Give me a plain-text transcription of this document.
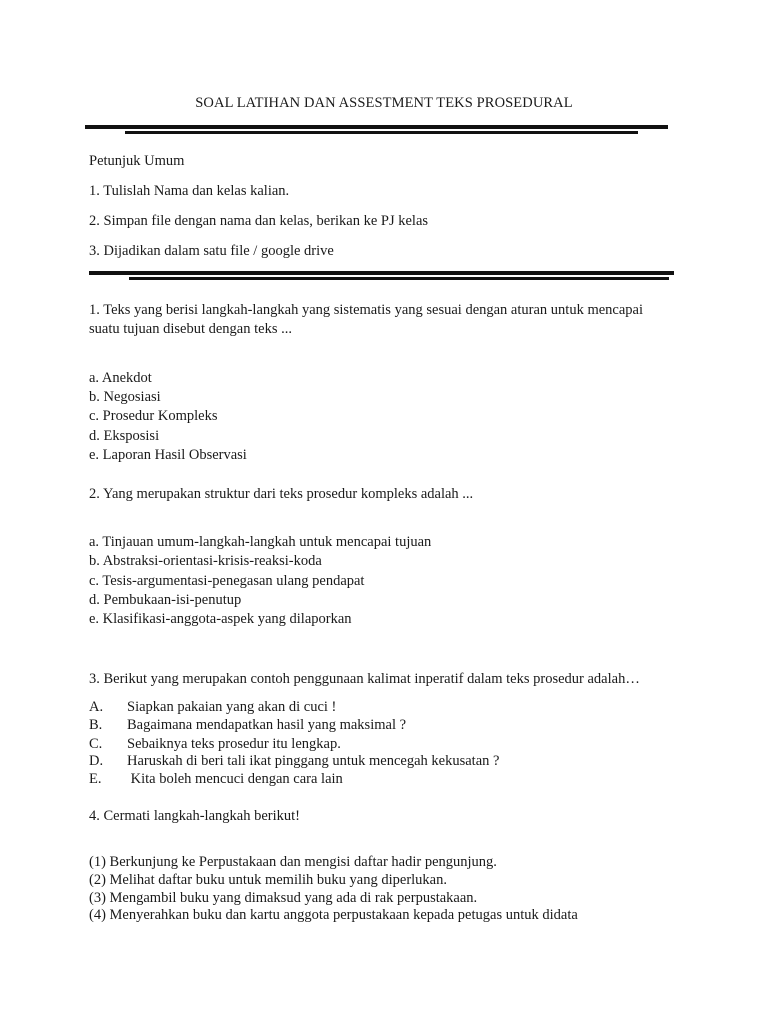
SOAL LATIHAN DAN ASSESTMENT TEKS PROSEDURAL
Petunjuk Umum
1. Tulislah Nama dan kelas kalian.
2. Simpan file dengan nama dan kelas, berikan ke PJ kelas
3. Dijadikan dalam satu file / google drive
1. Teks yang berisi langkah-langkah yang sistematis yang sesuai dengan aturan untuk mencapai
suatu tujuan disebut dengan teks ...
a. Anekdot
b. Negosiasi
c. Prosedur Kompleks
d. Eksposisi
e. Laporan Hasil Observasi
2. Yang merupakan struktur dari teks prosedur kompleks adalah ...
a. Tinjauan umum-langkah-langkah untuk mencapai tujuan
b. Abstraksi-orientasi-krisis-reaksi-koda
c. Tesis-argumentasi-penegasan ulang pendapat
d. Pembukaan-isi-penutup
e. Klasifikasi-anggota-aspek yang dilaporkan
3. Berikut yang merupakan contoh penggunaan kalimat inperatif dalam teks prosedur adalah…
A. Siapkan pakaian yang akan di cuci !
B. Bagaimana mendapatkan hasil yang maksimal ?
C. Sebaiknya teks prosedur itu lengkap.
D. Haruskah di beri tali ikat pinggang untuk mencegah kekusatan ?
E. Kita boleh mencuci dengan cara lain
4. Cermati langkah-langkah berikut!
(1) Berkunjung ke Perpustakaan dan mengisi daftar hadir pengunjung.
(2) Melihat daftar buku untuk memilih buku yang diperlukan.
(3) Mengambil buku yang dimaksud yang ada di rak perpustakaan.
(4) Menyerahkan buku dan kartu anggota perpustakaan kepada petugas untuk didata
